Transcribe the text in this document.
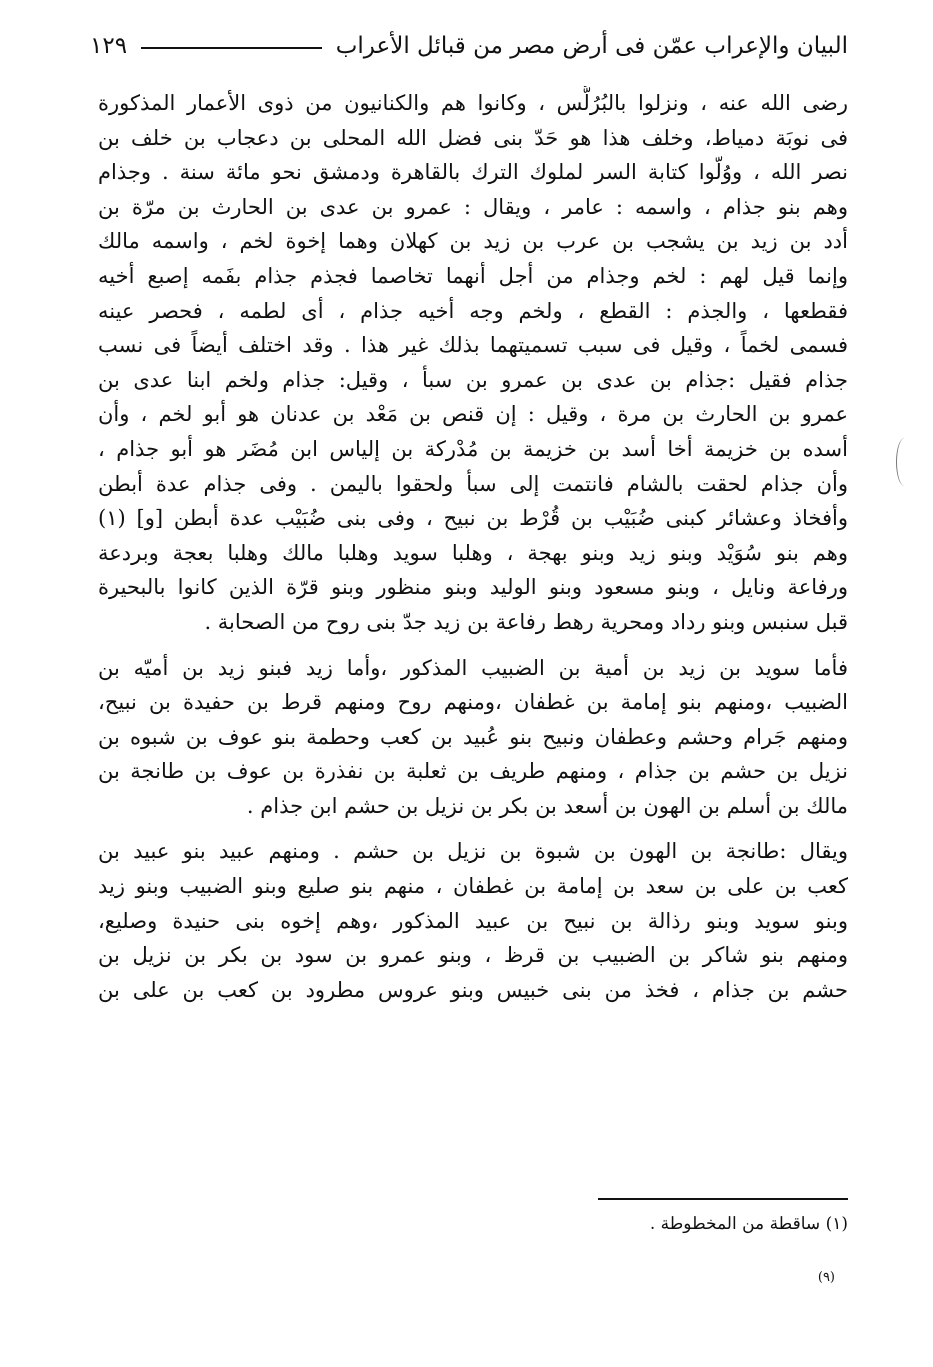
البيان والإعراب عمّن فى أرض مصر من قبائل الأعراب
١٢٩
رضى الله عنه ، ونزلوا بالبُرُلُّس ، وكانوا هم والكنانيون من ذوى الأعمار المذكورة
فى نوبَة دمياط، وخلف هذا هو حَدّ بنى فضل الله المحلى بن دعجاب بن خلف بن
نصر الله ، ووُلّوا كتابة السر لملوك الترك بالقاهرة ودمشق نحو مائة سنة . وجذام
وهم بنو جذام ، واسمه : عامر ، ويقال : عمرو بن عدى بن الحارث بن مرّة بن
أدد بن زيد بن يشجب بن عرب بن زيد بن كهلان وهما إخوة لخم ، واسمه مالك
وإنما قيل لهم : لخم وجذام من أجل أنهما تخاصما فجذم جذام بفَمه إصبع أخيه
فقطعها ، والجذم : القطع ، ولخم وجه أخيه جذام ، أى لطمه ، فحصر عينه
فسمى لخماً ، وقيل فى سبب تسميتهما بذلك غير هذا . وقد اختلف أيضاً فى نسب
جذام فقيل :جذام بن عدى بن عمرو بن سبأ ، وقيل: جذام ولخم ابنا عدى بن
عمرو بن الحارث بن مرة ، وقيل : إن قنص بن مَعْد بن عدنان هو أبو لخم ، وأن
أسده بن خزيمة أخا أسد بن خزيمة بن مُدْركة بن إلياس ابن مُضَر هو أبو جذام ،
وأن جذام لحقت بالشام فانتمت إلى سبأ ولحقوا باليمن . وفى جذام عدة أبطن
وأفخاذ وعشائر كبنى ضُبَيْب بن قُرْط بن نبيح ، وفى بنى ضُبَيْب عدة أبطن [و] (١)
وهم بنو سُوَيْد وبنو زيد وبنو بهجة ، وهلبا سويد وهلبا مالك وهلبا بعجة وبردعة
ورفاعة ونايل ، وبنو مسعود وبنو الوليد وبنو منظور وبنو قرّة الذين كانوا بالبحيرة
قبل سنبس وبنو رداد ومحرية رهط رفاعة بن زيد جدّ بنى روح من الصحابة .
فأما سويد بن زيد بن أمية بن الضبيب المذكور ،وأما زيد فبنو زيد بن أميّه بن
الضبيب ،ومنهم بنو إمامة بن غطفان ،ومنهم روح ومنهم قرط بن حفيدة بن نبيح،
ومنهم جَرام وحشم وعطفان ونبيح بنو عُبيد بن كعب وحطمة بنو عوف بن شبوه بن
نزيل بن حشم بن جذام ، ومنهم طريف بن ثعلبة بن نفذرة بن عوف بن طانجة بن
مالك بن أسلم بن الهون بن أسعد بن بكر بن نزيل بن حشم ابن جذام .
ويقال :طانجة بن الهون بن شبوة بن نزيل بن حشم . ومنهم عبيد بنو عبيد بن
كعب بن على بن سعد بن إمامة بن غطفان ، منهم بنو صليع وبنو الضبيب وبنو زيد
وبنو سويد وبنو رذالة بن نبيح بن عبيد المذكور ،وهم إخوه بنى حنيدة وصليع،
ومنهم بنو شاكر بن الضبيب بن قرظ ، وبنو عمرو بن سود بن بكر بن نزيل بن
حشم بن جذام ، فخذ من بنى خبيس وبنو عروس مطرود بن كعب بن على بن
(١) ساقطة من المخطوطة .
(٩)
